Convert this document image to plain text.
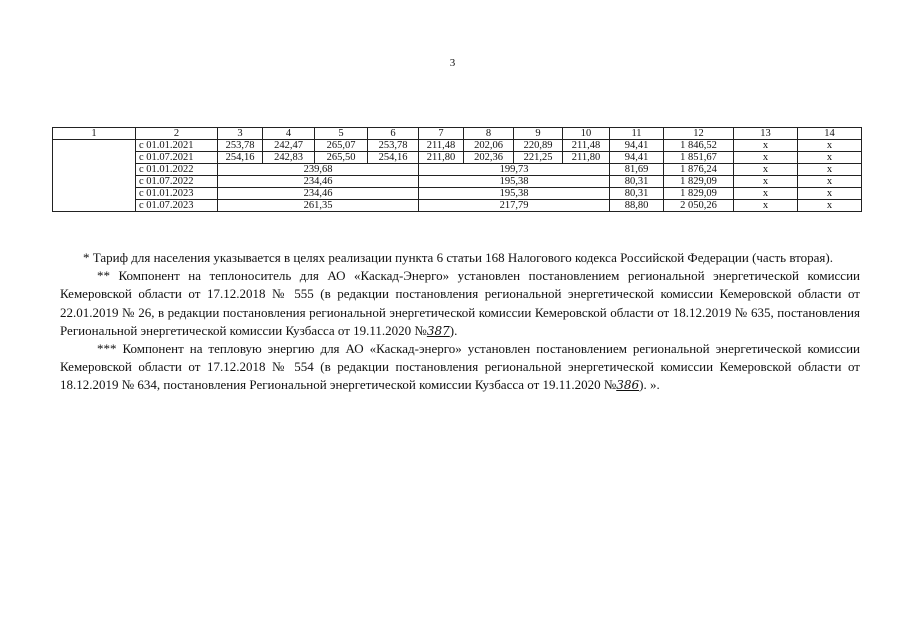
3
1	2	3	4	5	6	7	8	9	10	11	12	13	14
	с 01.01.2021	253,78	242,47	265,07	253,78	211,48	202,06	220,89	211,48	94,41	1 846,52	х	х
	с 01.07.2021	254,16	242,83	265,50	254,16	211,80	202,36	221,25	211,80	94,41	1 851,67	х	х
	с 01.01.2022	239,68				199,73				81,69	1 876,24	х	х
	с 01.07.2022	234,46				195,38				80,31	1 829,09	х	х
	с 01.01.2023	234,46				195,38				80,31	1 829,09	х	х
	с 01.07.2023	261,35				217,79				88,80	2 050,26	х	х

* Тариф для населения указывается в целях реализации пункта 6 статьи 168 Налогового кодекса Российской Федерации (часть вторая).

** Компонент на теплоноситель для АО «Каскад-Энерго» установлен постановлением региональной энергетической комиссии Кемеровской области от 17.12.2018 № 555 (в редакции постановления региональной энергетической комиссии Кемеровской области от 22.01.2019 № 26, в редакции постановления региональной энергетической комиссии Кемеровской области от 18.12.2019 № 635, постановления Региональной энергетической комиссии Кузбасса от 19.11.2020 №387).

*** Компонент на тепловую энергию для АО «Каскад-энерго» установлен постановлением региональной энергетической комиссии Кемеровской области от 17.12.2018 № 554 (в редакции постановления региональной энергетической комиссии Кемеровской области от 18.12.2019 № 634, постановления Региональной энергетической комиссии Кузбасса от 19.11.2020 №386). ».
